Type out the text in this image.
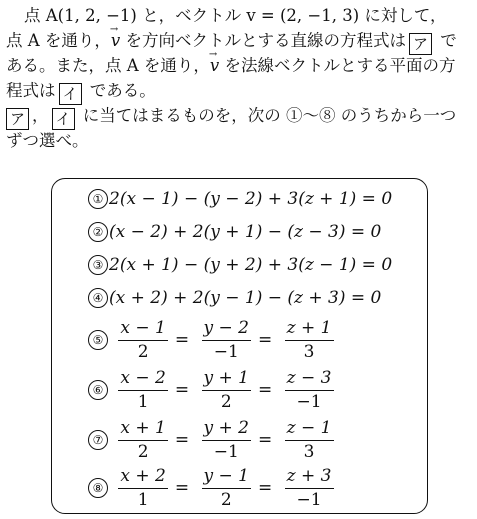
点 A(1, 2, −1) と，ベクトル v = (2, −1, 3) に対して，
点 A を通り，→ v を方向ベクトルとする直線の方程式は ア で
ある。また，点 A を通り，→ v を法線ベクトルとする平面の方
程式は イ である。
ア ， イ に当てはまるものを，次の ①〜⑧ のうちから一つ
ずつ選べ。
① 2(x − 1) − (y − 2) + 3(z + 1) = 0
② (x − 2) + 2(y + 1) − (z − 3) = 0
③ 2(x + 1) − (y + 2) + 3(z − 1) = 0
④ (x + 2) + 2(y − 1) − (z + 3) = 0
⑤ $\frac{x - 1}{2} = \frac{y - 2}{-1} = \frac{z + 1}{3}$
⑥ $\frac{x - 2}{1} = \frac{y + 1}{2} = \frac{z - 3}{-1}$
⑦ $\frac{x + 1}{2} = \frac{y + 2}{-1} = \frac{z - 1}{3}$
⑧ $\frac{x + 2}{1} = \frac{y - 1}{2} = \frac{z + 3}{-1}$
